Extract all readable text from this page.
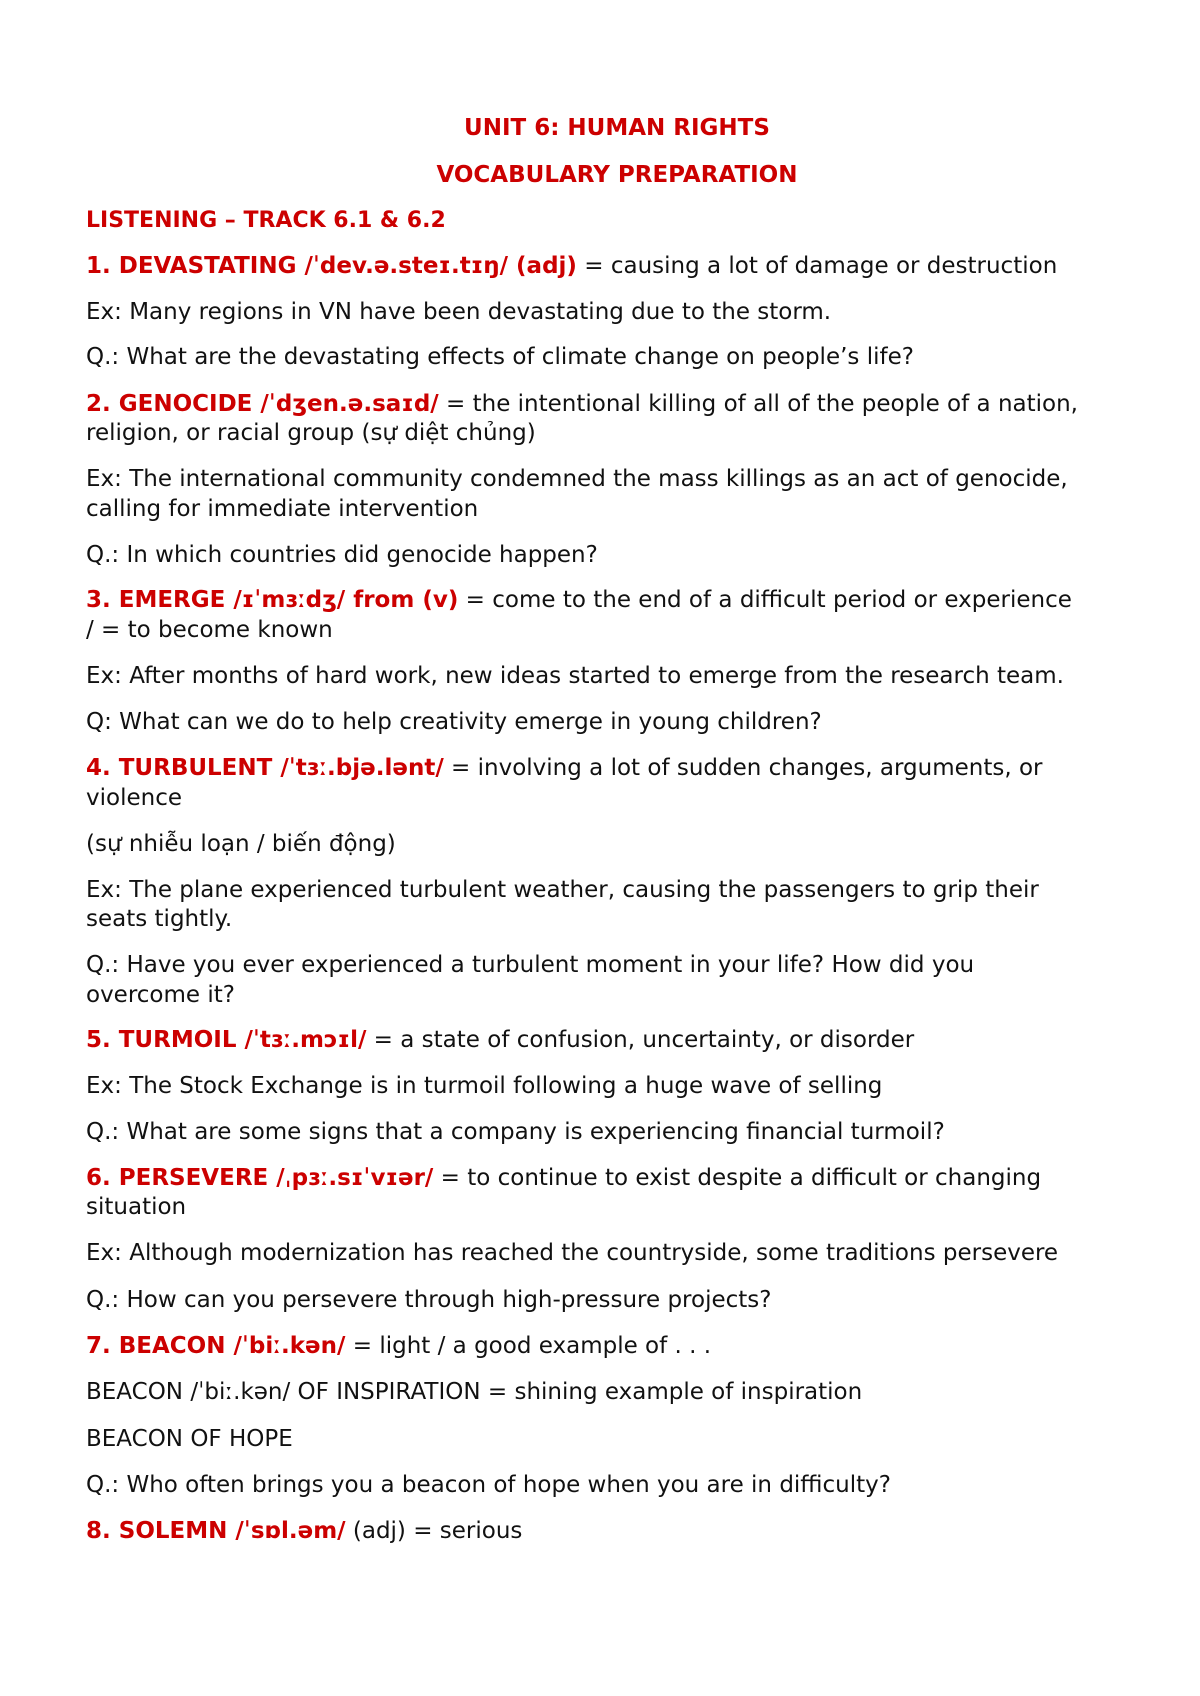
UNIT 6: HUMAN RIGHTS
VOCABULARY PREPARATION
LISTENING – TRACK 6.1 & 6.2
1. DEVASTATING /ˈdev.ə.steɪ.tɪŋ/ (adj) = causing a lot of damage or destruction
Ex: Many regions in VN have been devastating due to the storm.
Q.: What are the devastating effects of climate change on people’s life?
2. GENOCIDE /ˈdʒen.ə.saɪd/ = the intentional killing of all of the people of a nation,
religion, or racial group (sự diệt chủng)
Ex: The international community condemned the mass killings as an act of genocide,
calling for immediate intervention
Q.: In which countries did genocide happen?
3. EMERGE /ɪˈmɜːdʒ/ from (v) = come to the end of a difficult period or experience
/ = to become known
Ex: After months of hard work, new ideas started to emerge from the research team.
Q: What can we do to help creativity emerge in young children?
4. TURBULENT /ˈtɜː.bjə.lənt/ = involving a lot of sudden changes, arguments, or
violence
(sự nhiễu loạn / biến động)
Ex: The plane experienced turbulent weather, causing the passengers to grip their
seats tightly.
Q.: Have you ever experienced a turbulent moment in your life? How did you
overcome it?
5. TURMOIL /ˈtɜː.mɔɪl/ = a state of confusion, uncertainty, or disorder
Ex: The Stock Exchange is in turmoil following a huge wave of selling
Q.: What are some signs that a company is experiencing financial turmoil?
6. PERSEVERE /ˌpɜː.sɪˈvɪər/ = to continue to exist despite a difficult or changing
situation
Ex: Although modernization has reached the countryside, some traditions persevere
Q.: How can you persevere through high-pressure projects?
7. BEACON /ˈbiː.kən/ = light / a good example of . . .
BEACON /ˈbiː.kən/ OF INSPIRATION = shining example of inspiration
BEACON OF HOPE
Q.: Who often brings you a beacon of hope when you are in difficulty?
8. SOLEMN /ˈsɒl.əm/ (adj) = serious
